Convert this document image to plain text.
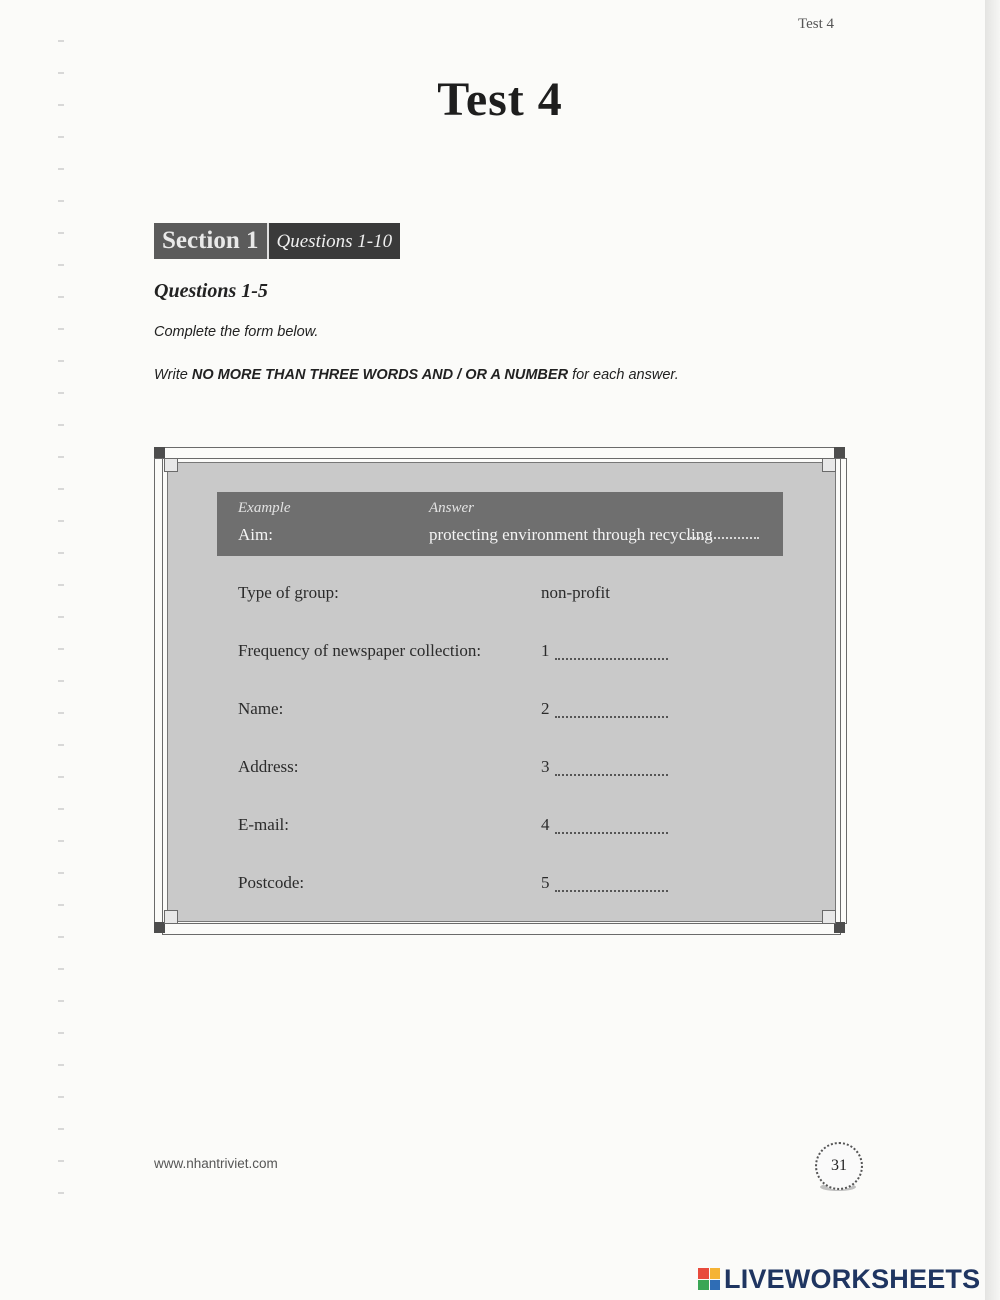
Test 4
Test 4
Section 1 Questions 1-10
Questions 1-5
Complete the form below.
Write NO MORE THAN THREE WORDS AND / OR A NUMBER for each answer.
Example	Answer
Aim:	protecting environment through recycling
Type of group:	non-profit
Frequency of newspaper collection:	1
Name:	2
Address:	3
E-mail:	4
Postcode:	5
www.nhantriviet.com	31
LIVEWORKSHEETS
